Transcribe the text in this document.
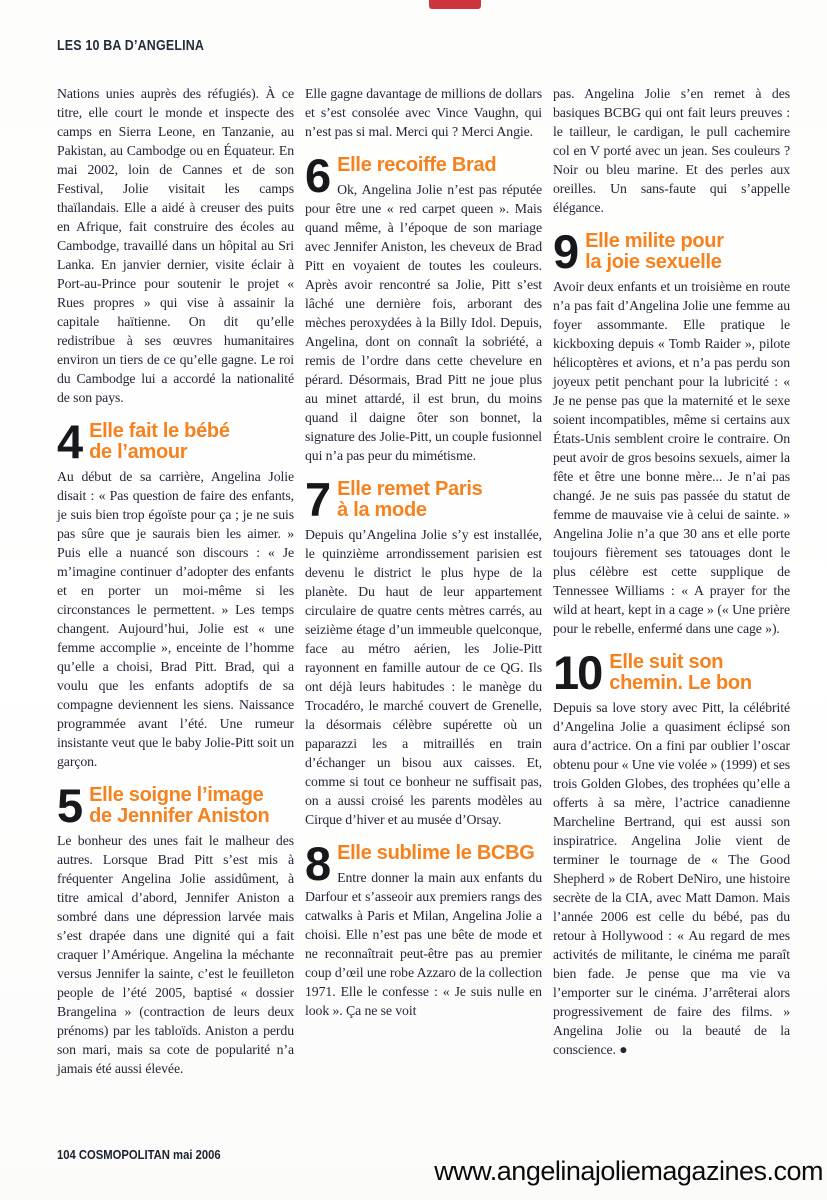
LES 10 BA D’ANGELINA

Nations unies auprès des réfugiés). À ce titre, elle court le monde et inspecte des camps en Sierra Leone, en Tanzanie, au Pakistan, au Cambodge ou en Équateur. En mai 2002, loin de Cannes et de son Festival, Jolie visitait les camps thaïlandais. Elle a aidé à creuser des puits en Afrique, fait construire des écoles au Cambodge, travaillé dans un hôpital au Sri Lanka. En janvier dernier, visite éclair à Port-au-Prince pour soutenir le projet « Rues propres » qui vise à assainir la capitale haïtienne. On dit qu’elle redistribue à ses œuvres humanitaires environ un tiers de ce qu’elle gagne. Le roi du Cambodge lui a accordé la nationalité de son pays.

4 Elle fait le bébé
de l’amour

Au début de sa carrière, Angelina Jolie disait : « Pas question de faire des enfants, je suis bien trop égoïste pour ça ; je ne suis pas sûre que je saurais bien les aimer. » Puis elle a nuancé son discours : « Je m’imagine continuer d’adopter des enfants et en porter un moi-même si les circonstances le permettent. » Les temps changent. Aujourd’hui, Jolie est « une femme accomplie », enceinte de l’homme qu’elle a choisi, Brad Pitt. Brad, qui a voulu que les enfants adoptifs de sa compagne deviennent les siens. Naissance programmée avant l’été. Une rumeur insistante veut que le baby Jolie-Pitt soit un garçon.

5 Elle soigne l’image
de Jennifer Aniston

Le bonheur des unes fait le malheur des autres. Lorsque Brad Pitt s’est mis à fréquenter Angelina Jolie assidûment, à titre amical d’abord, Jennifer Aniston a sombré dans une dépression larvée mais s’est drapée dans une dignité qui a fait craquer l’Amérique. Angelina la méchante versus Jennifer la sainte, c’est le feuilleton people de l’été 2005, baptisé « dossier Brangelina » (contraction de leurs deux prénoms) par les tabloïds. Aniston a perdu son mari, mais sa cote de popularité n’a jamais été aussi élevée.

Elle gagne davantage de millions de dollars et s’est consolée avec Vince Vaughn, qui n’est pas si mal. Merci qui ? Merci Angie.

6 Elle recoiffe Brad

Ok, Angelina Jolie n’est pas réputée pour être une « red carpet queen ». Mais quand même, à l’époque de son mariage avec Jennifer Aniston, les cheveux de Brad Pitt en voyaient de toutes les couleurs. Après avoir rencontré sa Jolie, Pitt s’est lâché une dernière fois, arborant des mèches peroxydées à la Billy Idol. Depuis, Angelina, dont on connaît la sobriété, a remis de l’ordre dans cette chevelure en pérard. Désormais, Brad Pitt ne joue plus au minet attardé, il est brun, du moins quand il daigne ôter son bonnet, la signature des Jolie-Pitt, un couple fusionnel qui n’a pas peur du mimétisme.

7 Elle remet Paris
à la mode

Depuis qu’Angelina Jolie s’y est installée, le quinzième arrondissement parisien est devenu le district le plus hype de la planète. Du haut de leur appartement circulaire de quatre cents mètres carrés, au seizième étage d’un immeuble quelconque, face au métro aérien, les Jolie-Pitt rayonnent en famille autour de ce QG. Ils ont déjà leurs habitudes : le manège du Trocadéro, le marché couvert de Grenelle, la désormais célèbre supérette où un paparazzi les a mitraillés en train d’échanger un bisou aux caisses. Et, comme si tout ce bonheur ne suffisait pas, on a aussi croisé les parents modèles au Cirque d’hiver et au musée d’Orsay.

8 Elle sublime le BCBG

Entre donner la main aux enfants du Darfour et s’asseoir aux premiers rangs des catwalks à Paris et Milan, Angelina Jolie a choisi. Elle n’est pas une bête de mode et ne reconnaîtrait peut-être pas au premier coup d’œil une robe Azzaro de la collection 1971. Elle le confesse : « Je suis nulle en look ». Ça ne se voit

pas. Angelina Jolie s’en remet à des basiques BCBG qui ont fait leurs preuves : le tailleur, le cardigan, le pull cachemire col en V porté avec un jean. Ses couleurs ? Noir ou bleu marine. Et des perles aux oreilles. Un sans-faute qui s’appelle élégance.

9 Elle milite pour
la joie sexuelle

Avoir deux enfants et un troisième en route n’a pas fait d’Angelina Jolie une femme au foyer assommante. Elle pratique le kickboxing depuis « Tomb Raider », pilote hélicoptères et avions, et n’a pas perdu son joyeux petit penchant pour la lubricité : « Je ne pense pas que la maternité et le sexe soient incompatibles, même si certains aux États-Unis semblent croire le contraire. On peut avoir de gros besoins sexuels, aimer la fête et être une bonne mère... Je n’ai pas changé. Je ne suis pas passée du statut de femme de mauvaise vie à celui de sainte. » Angelina Jolie n’a que 30 ans et elle porte toujours fièrement ses tatouages dont le plus célèbre est cette supplique de Tennessee Williams : « A prayer for the wild at heart, kept in a cage » (« Une prière pour le rebelle, enfermé dans une cage »).

10 Elle suit son
chemin. Le bon

Depuis sa love story avec Pitt, la célébrité d’Angelina Jolie a quasiment éclipsé son aura d’actrice. On a fini par oublier l’oscar obtenu pour « Une vie volée » (1999) et ses trois Golden Globes, des trophées qu’elle a offerts à sa mère, l’actrice canadienne Marcheline Bertrand, qui est aussi son inspiratrice. Angelina Jolie vient de terminer le tournage de « The Good Shepherd » de Robert DeNiro, une histoire secrète de la CIA, avec Matt Damon. Mais l’année 2006 est celle du bébé, pas du retour à Hollywood : « Au regard de mes activités de militante, le cinéma me paraît bien fade. Je pense que ma vie va l’emporter sur le cinéma. J’arrêterai alors progressivement de faire des films. » Angelina Jolie ou la beauté de la conscience. ●

104 COSMOPOLITAN mai 2006
www.angelinajoliemagazines.com
